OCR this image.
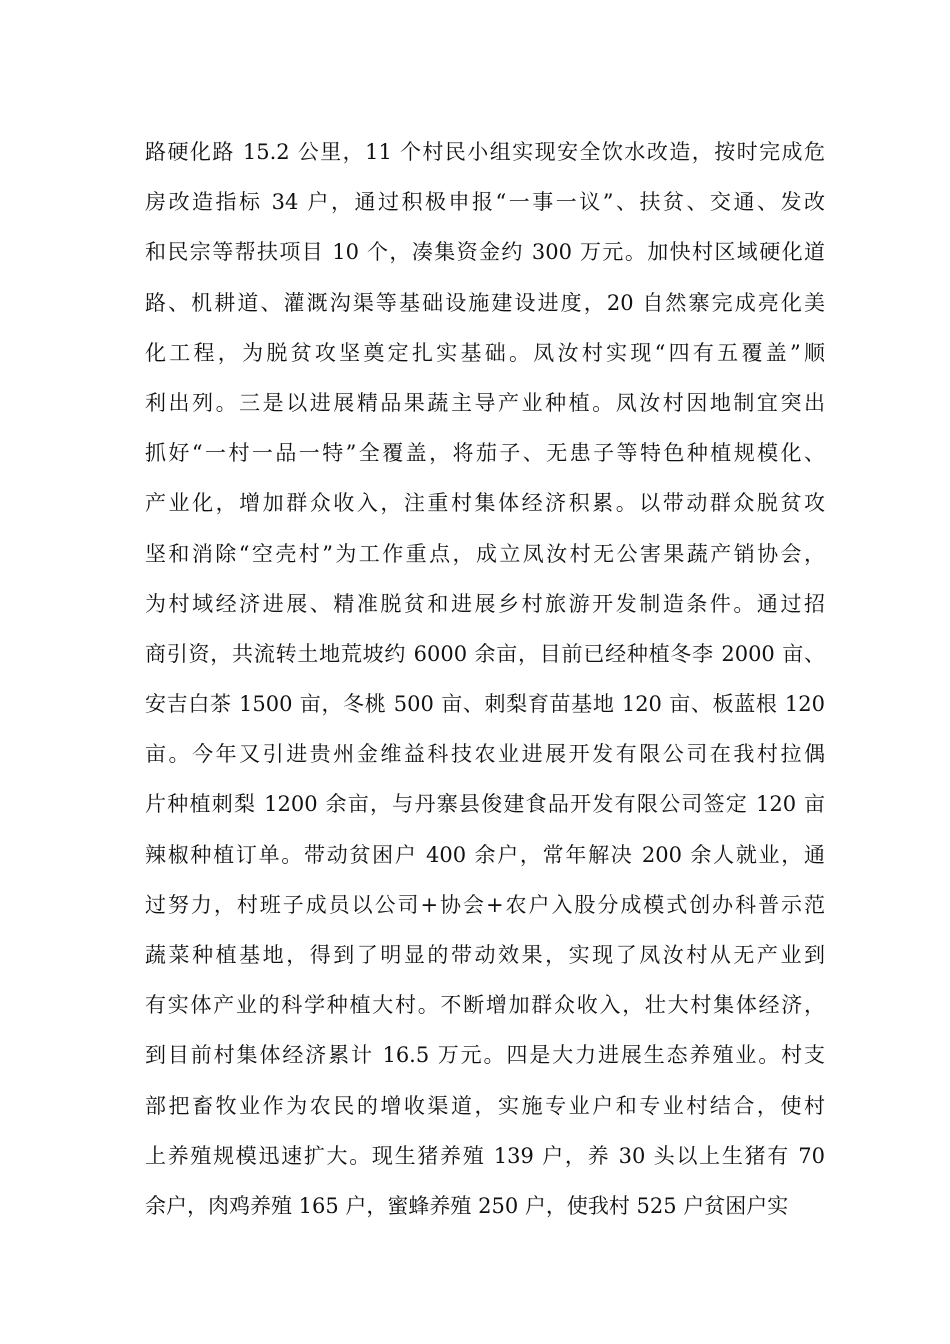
路硬化路 15.2 公里，11 个村民小组实现安全饮水改造，按时完成危
房改造指标 34 户，通过积极申报“一事一议”、扶贫、交通、发改
和民宗等帮扶项目 10 个，凑集资金约 300 万元。加快村区域硬化道
路、机耕道、灌溉沟渠等基础设施建设进度，20 自然寨完成亮化美
化工程，为脱贫攻坚奠定扎实基础。凤汝村实现“四有五覆盖”顺
利出列。三是以进展精品果蔬主导产业种植。凤汝村因地制宜突出
抓好“一村一品一特”全覆盖，将茄子、无患子等特色种植规模化、
产业化，增加群众收入，注重村集体经济积累。以带动群众脱贫攻
坚和消除“空壳村”为工作重点，成立凤汝村无公害果蔬产销协会，
为村域经济进展、精准脱贫和进展乡村旅游开发制造条件。通过招
商引资，共流转土地荒坡约 6000 余亩，目前已经种植冬李 2000 亩、
安吉白茶 1500 亩，冬桃 500 亩、刺梨育苗基地 120 亩、板蓝根 120
亩。今年又引进贵州金维益科技农业进展开发有限公司在我村拉偶
片种植刺梨 1200 余亩，与丹寨县俊建食品开发有限公司签定 120 亩
辣椒种植订单。带动贫困户 400 余户，常年解决 200 余人就业，通
过努力，村班子成员以公司+协会+农户入股分成模式创办科普示范
蔬菜种植基地，得到了明显的带动效果，实现了凤汝村从无产业到
有实体产业的科学种植大村。不断增加群众收入，壮大村集体经济，
到目前村集体经济累计 16.5 万元。四是大力进展生态养殖业。村支
部把畜牧业作为农民的增收渠道，实施专业户和专业村结合，使村
上养殖规模迅速扩大。现生猪养殖 139 户，养 30 头以上生猪有 70
余户，肉鸡养殖 165 户，蜜蜂养殖 250 户，使我村 525 户贫困户实
